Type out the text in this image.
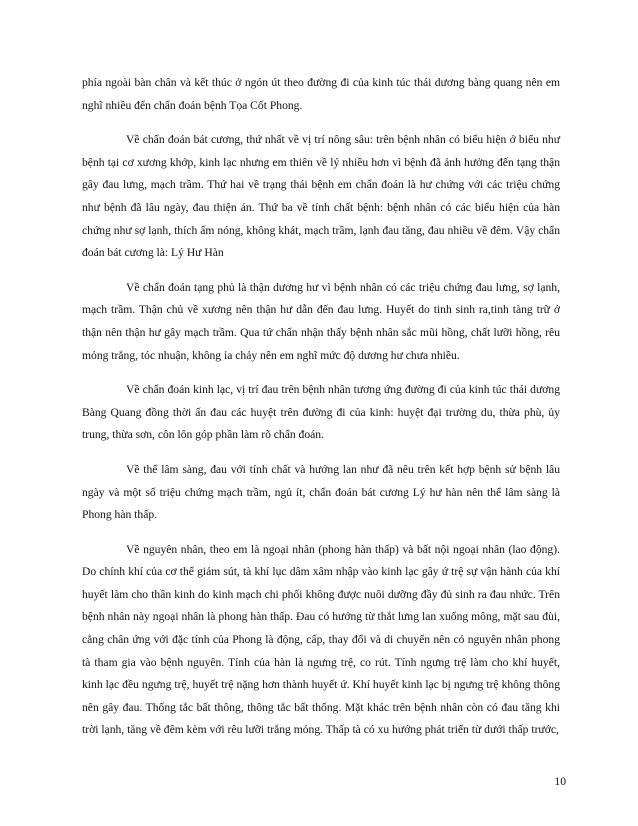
phía ngoài bàn chân và kết thúc ở ngón út theo đường đi của kinh túc thái dương bàng quang nên em nghĩ nhiều đến chẩn đoán bệnh Tọa Cốt Phong.

Về chẩn đoán bát cương, thứ nhất về vị trí nông sâu: trên bệnh nhân có biểu hiện ở biểu như bệnh tại cơ xương khớp, kinh lạc nhưng em thiên về lý nhiều hơn vì bệnh đã ảnh hưởng đến tạng thận gây đau lưng, mạch trầm. Thứ hai về trạng thái bệnh em chẩn đoán là hư chứng với các triệu chứng như bệnh đã lâu ngày, đau thiện án. Thứ ba về tính chất bệnh: bệnh nhân có các biểu hiện của hàn chứng như sợ lạnh, thích ấm nóng, không khát, mạch trầm, lạnh đau tăng, đau nhiều về đêm. Vậy chẩn đoán bát cương là: Lý Hư Hàn

Về chẩn đoán tạng phủ là thận dương hư vì bệnh nhân có các triệu chứng đau lưng, sợ lạnh, mạch trầm. Thận chủ về xương nên thận hư dẫn đến đau lưng. Huyết do tinh sinh ra,tinh tàng trữ ở thận nên thận hư gây mạch trầm. Qua tứ chẩn nhận thấy bệnh nhân sắc mũi hồng, chất lưỡi hồng, rêu mỏng trắng, tóc nhuận, không ỉa chảy nên em nghĩ mức độ dương hư chưa nhiều.

Về chẩn đoán kinh lạc, vị trí đau trên bệnh nhân tương ứng đường đi của kinh túc thái dương Bàng Quang đồng thời ấn đau các huyệt trên đường đi của kinh: huyệt đại trường du, thừa phù, ủy trung, thừa sơn, côn lôn góp phần làm rõ chẩn đoán.

Về thể lâm sàng, đau với tính chất và hướng lan như đã nêu trên kết hợp bệnh sử bệnh lâu ngày và một số triệu chứng mạch trầm, ngủ ít, chẩn đoán bát cương Lý hư hàn nên thể lâm sàng là Phong hàn thấp.

Về nguyên nhân, theo em là ngoại nhân (phong hàn thấp) và bất nội ngoại nhân (lao động). Do chính khí của cơ thể giảm sút, tà khí lục dâm xâm nhập vào kinh lạc gây ứ trệ sự vận hành của khí huyết làm cho thần kinh do kinh mạch chi phối không được nuôi dưỡng đầy đủ sinh ra đau nhức. Trên bệnh nhân này ngoại nhân là phong hàn thấp. Đau có hướng từ thắt lưng lan xuống mông, mặt sau đùi, cẳng chân ứng với đặc tính của Phong là động, cấp, thay đổi và di chuyển nên có nguyên nhân phong tà tham gia vào bệnh nguyên. Tính của hàn là ngưng trệ, co rút. Tính ngưng trệ làm cho khí huyết, kinh lạc đều ngưng trệ, huyết trệ nặng hơn thành huyết ứ. Khí huyết kinh lạc bị ngưng trệ không thông nên gây đau. Thống tắc bất thông, thông tắc bất thống. Mặt khác trên bệnh nhân còn có đau tăng khi trời lạnh, tăng về đêm kèm với rêu lưỡi trắng mỏng. Thấp tà có xu hướng phát triển từ dưới thấp trước,

10
